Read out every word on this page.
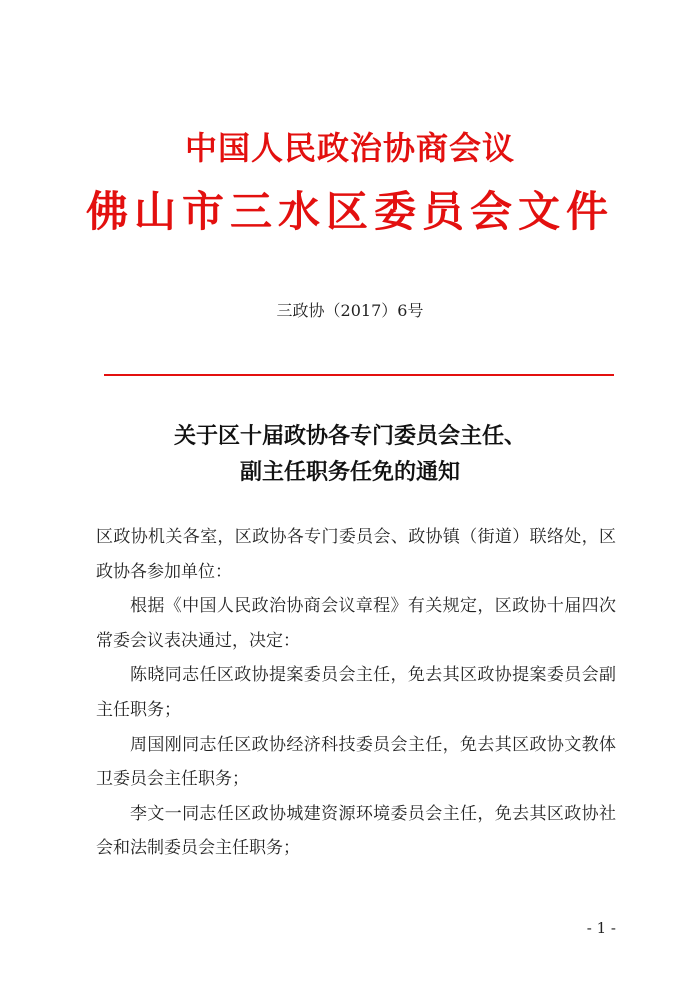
中国人民政治协商会议
佛山市三水区委员会文件
三政协（2017）6号
关于区十届政协各专门委员会主任、
副主任职务任免的通知

区政协机关各室，区政协各专门委员会、政协镇（街道）联络处，区政协各参加单位：

根据《中国人民政治协商会议章程》有关规定，区政协十届四次常委会议表决通过，决定：

陈晓同志任区政协提案委员会主任，免去其区政协提案委员会副主任职务；

周国刚同志任区政协经济科技委员会主任，免去其区政协文教体卫委员会主任职务；

李文一同志任区政协城建资源环境委员会主任，免去其区政协社会和法制委员会主任职务；

- 1 -
